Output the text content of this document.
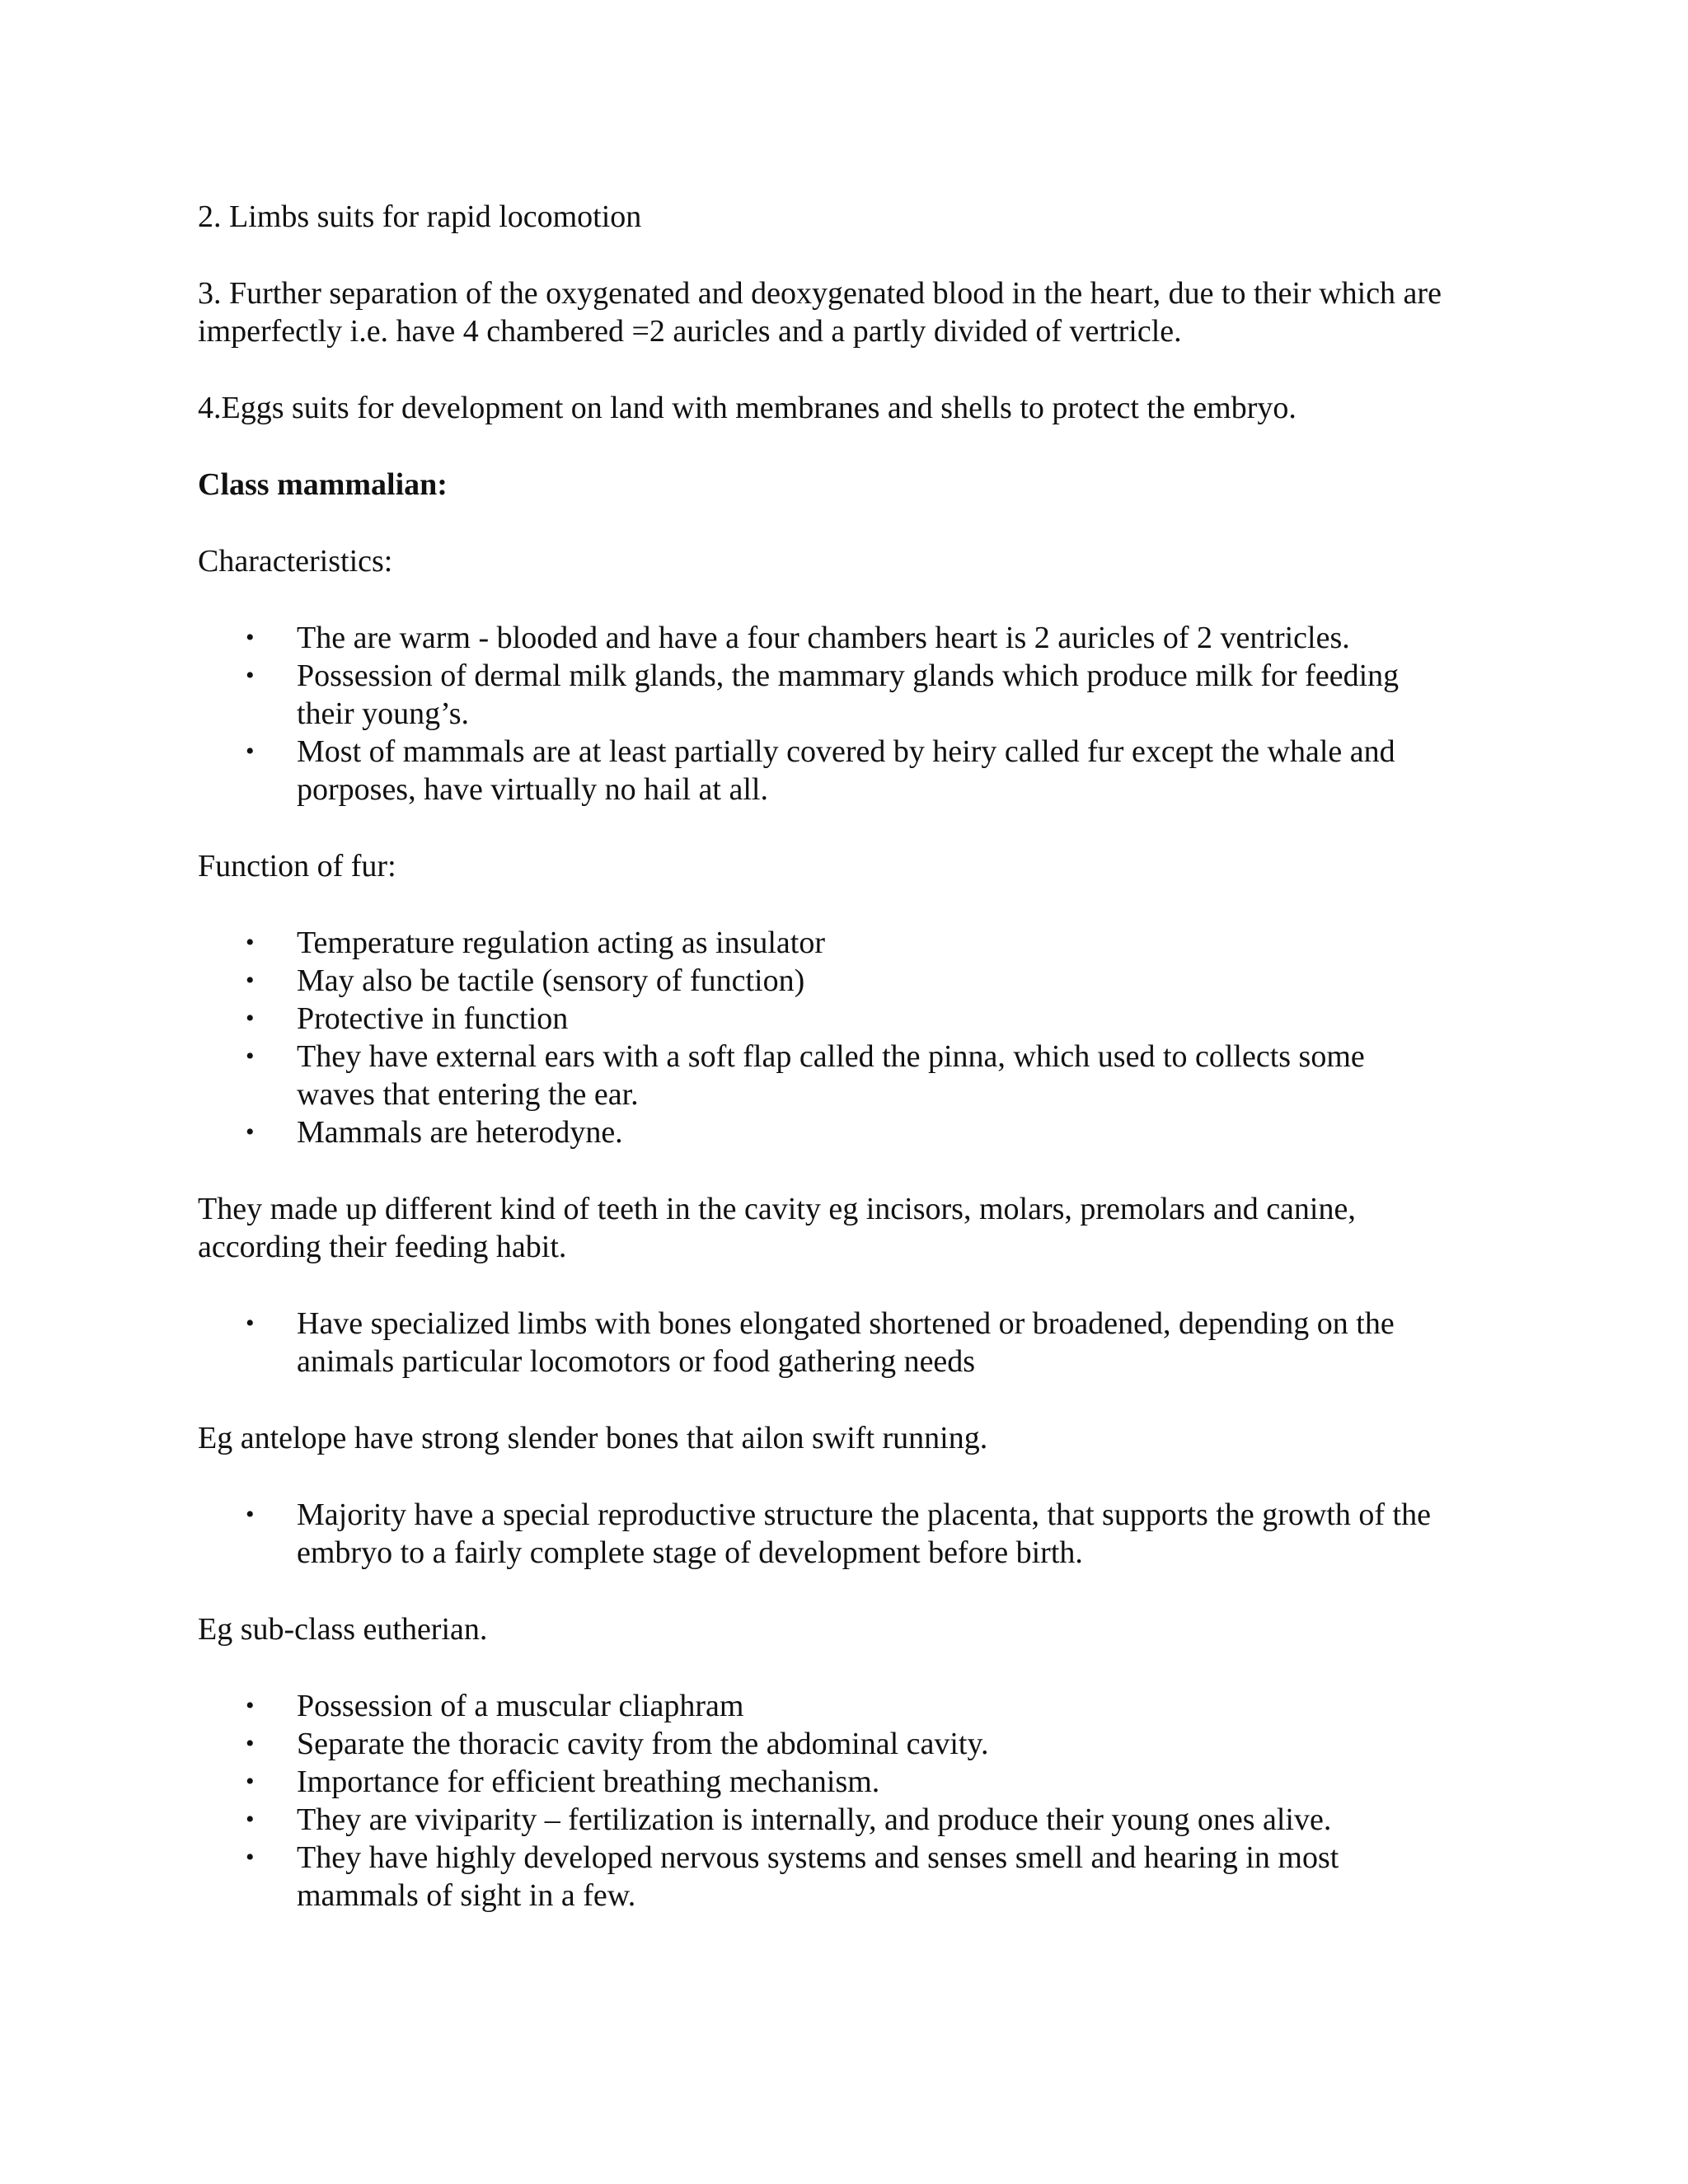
2. Limbs suits for rapid locomotion

3. Further separation of the oxygenated and deoxygenated blood in the heart, due to their which are imperfectly i.e. have 4 chambered =2 auricles and a partly divided of vertricle.

4.Eggs suits for development on land with membranes and shells to protect the embryo.

Class mammalian:

Characteristics:

• The are warm - blooded and have a four chambers heart is 2 auricles of 2 ventricles.
• Possession of dermal milk glands, the mammary glands which produce milk for feeding their young’s.
• Most of mammals are at least partially covered by heiry called fur except the whale and porposes, have virtually no hail at all.

Function of fur:

• Temperature regulation acting as insulator
• May also be tactile (sensory of function)
• Protective in function
• They have external ears with a soft flap called the pinna, which used to collects some waves that entering the ear.
• Mammals are heterodyne.

They made up different kind of teeth in the cavity eg incisors, molars, premolars and canine, according their feeding habit.

• Have specialized limbs with bones elongated shortened or broadened, depending on the animals particular locomotors or food gathering needs

Eg antelope have strong slender bones that ailon swift running.

• Majority have a special reproductive structure the placenta, that supports the growth of the embryo to a fairly complete stage of development before birth.

Eg sub-class eutherian.

• Possession of a muscular cliaphram
• Separate the thoracic cavity from the abdominal cavity.
• Importance for efficient breathing mechanism.
• They are viviparity – fertilization is internally, and produce their young ones alive.
• They have highly developed nervous systems and senses smell and hearing in most mammals of sight in a few.
